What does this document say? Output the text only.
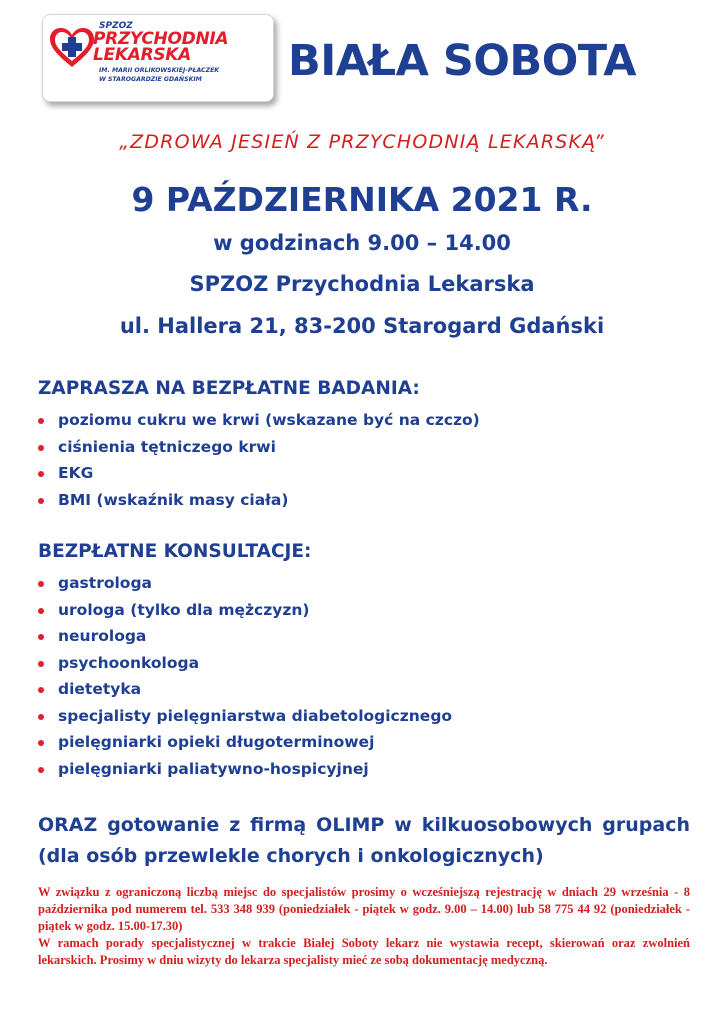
SPZOZ
PRZYCHODNIA
LEKARSKA
IM. MARII ORLIKOWSKIEJ-PŁACZEK
W STAROGARDZIE GDAŃSKIM	BIAŁA SOBOTA
„ZDROWA JESIEŃ Z PRZYCHODNIĄ LEKARSKĄ”
9 PAŹDZIERNIKA 2021 R.
w godzinach 9.00 – 14.00
SPZOZ Przychodnia Lekarska
ul. Hallera 21, 83-200 Starogard Gdański
ZAPRASZA NA BEZPŁATNE BADANIA:
poziomu cukru we krwi (wskazane być na czczo)
ciśnienia tętniczego krwi
EKG
BMI (wskaźnik masy ciała)
BEZPŁATNE KONSULTACJE:
gastrologa
urologa (tylko dla mężczyzn)
neurologa
psychoonkologa
dietetyka
specjalisty pielęgniarstwa diabetologicznego
pielęgniarki opieki długoterminowej
pielęgniarki paliatywno-hospicyjnej
ORAZ gotowanie z firmą OLIMP w kilkuosobowych grupach
(dla osób przewlekle chorych i onkologicznych)

W związku z ograniczoną liczbą miejsc do specjalistów prosimy o wcześniejszą rejestrację w dniach 29 września - 8 października pod numerem tel. 533 348 939 (poniedziałek - piątek w godz. 9.00 – 14.00) lub 58 775 44 92 (poniedziałek - piątek w godz. 15.00-17.30)

W ramach porady specjalistycznej w trakcie Białej Soboty lekarz nie wystawia recept, skierowań oraz zwolnień lekarskich. Prosimy w dniu wizyty do lekarza specjalisty mieć ze sobą dokumentację medyczną.
